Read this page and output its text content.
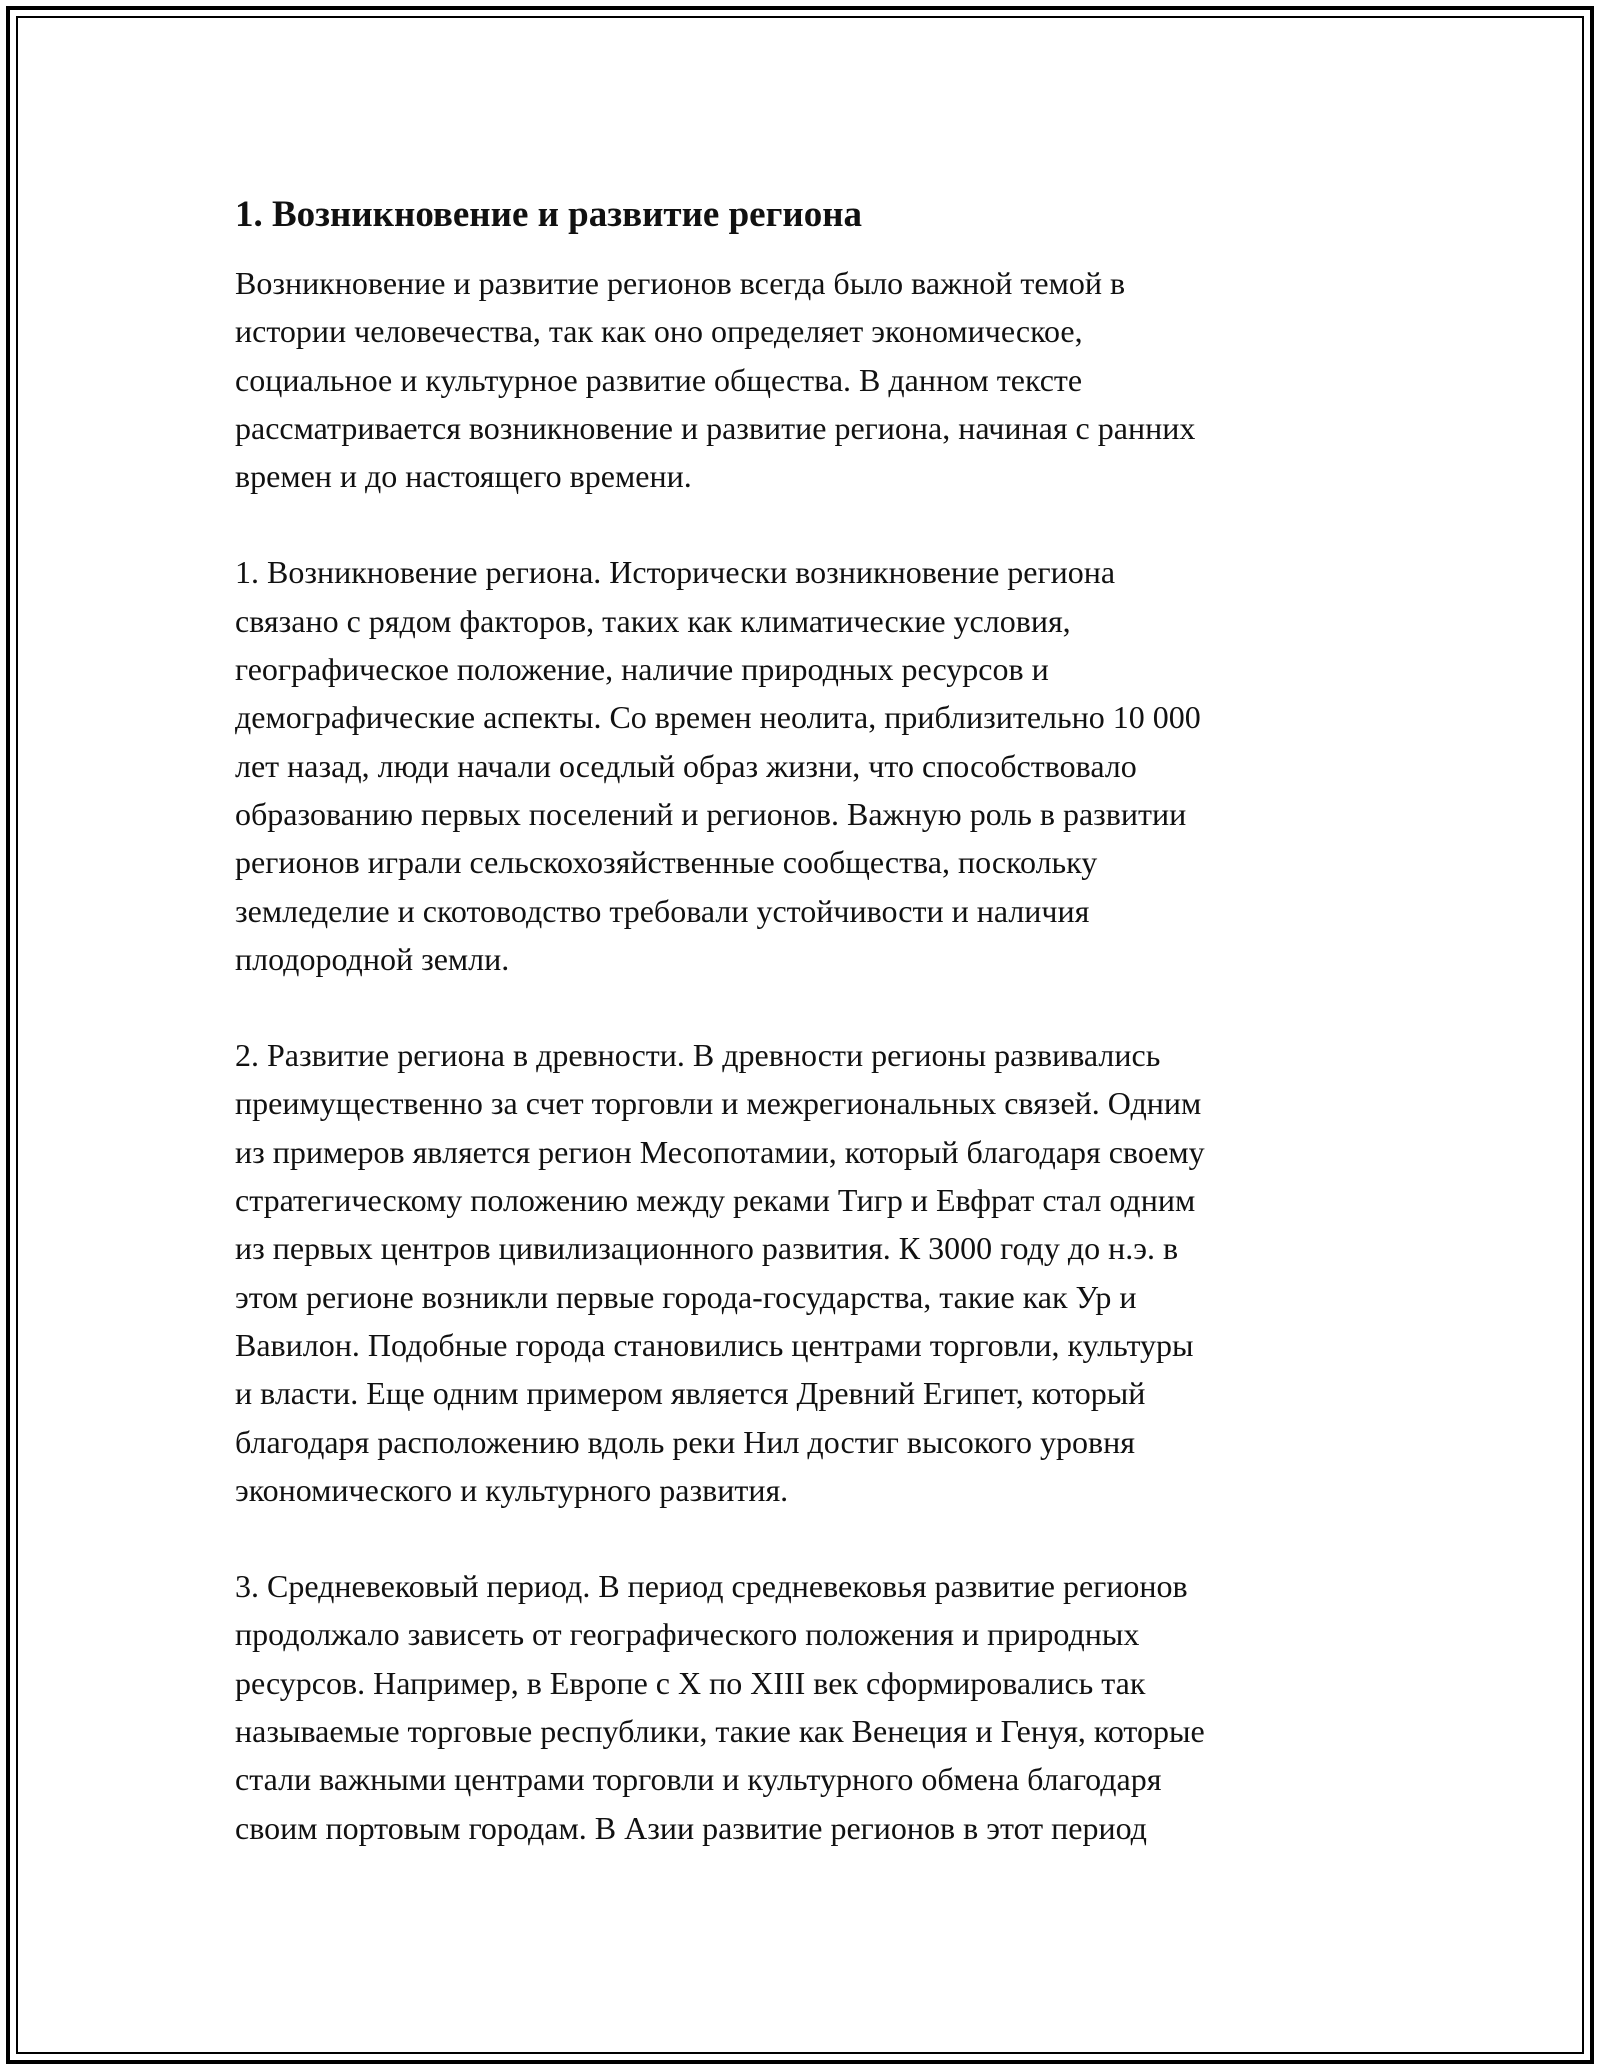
1. Возникновение и развитие региона

Возникновение и развитие регионов всегда было важной темой в
истории человечества, так как оно определяет экономическое,
социальное и культурное развитие общества. В данном тексте
рассматривается возникновение и развитие региона, начиная с ранних
времен и до настоящего времени.

1. Возникновение региона. Исторически возникновение региона
связано с рядом факторов, таких как климатические условия,
географическое положение, наличие природных ресурсов и
демографические аспекты. Со времен неолита, приблизительно 10 000
лет назад, люди начали оседлый образ жизни, что способствовало
образованию первых поселений и регионов. Важную роль в развитии
регионов играли сельскохозяйственные сообщества, поскольку
земледелие и скотоводство требовали устойчивости и наличия
плодородной земли.

2. Развитие региона в древности. В древности регионы развивались
преимущественно за счет торговли и межрегиональных связей. Одним
из примеров является регион Месопотамии, который благодаря своему
стратегическому положению между реками Тигр и Евфрат стал одним
из первых центров цивилизационного развития. К 3000 году до н.э. в
этом регионе возникли первые города-государства, такие как Ур и
Вавилон. Подобные города становились центрами торговли, культуры
и власти. Еще одним примером является Древний Египет, который
благодаря расположению вдоль реки Нил достиг высокого уровня
экономического и культурного развития.

3. Средневековый период. В период средневековья развитие регионов
продолжало зависеть от географического положения и природных
ресурсов. Например, в Европе с X по XIII век сформировались так
называемые торговые республики, такие как Венеция и Генуя, которые
стали важными центрами торговли и культурного обмена благодаря
своим портовым городам. В Азии развитие регионов в этот период
